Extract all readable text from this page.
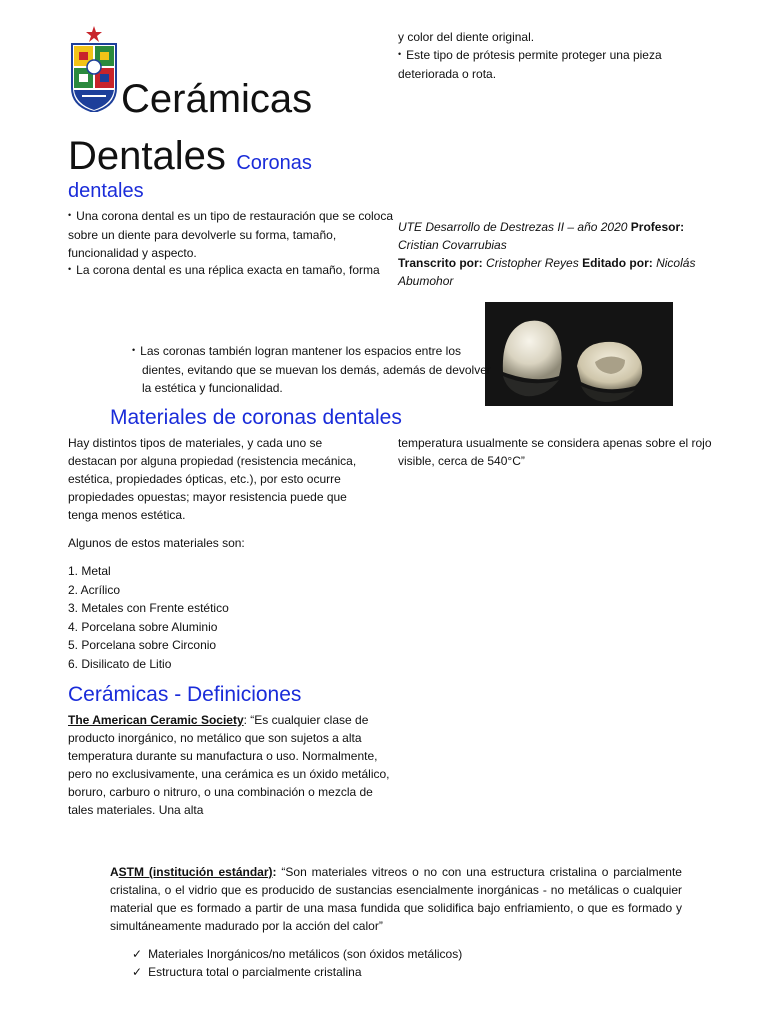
Cerámicas
Dentales Coronas
dentales
• Una corona dental es un tipo de restauración que se coloca sobre un diente para devolverle su forma, tamaño, funcionalidad y aspecto.
• La corona dental es una réplica exacta en tamaño, forma
y color del diente original.
• Este tipo de prótesis permite proteger una pieza deteriorada o rota.
UTE Desarrollo de Destrezas II – año 2020 Profesor: Cristian Covarrubias
Transcrito por: Cristopher Reyes Editado por: Nicolás Abumohor
• Las coronas también logran mantener los espacios entre los dientes, evitando que se muevan los demás, además de devolver la estética y funcionalidad.
Materiales de coronas dentales
Hay distintos tipos de materiales, y cada uno se destacan por alguna propiedad (resistencia mecánica, estética, propiedades ópticas, etc.), por esto ocurre propiedades opuestas; mayor resistencia puede que tenga menos estética.
Algunos de estos materiales son:
1. Metal
2. Acrílico
3. Metales con Frente estético
4. Porcelana sobre Aluminio
5. Porcelana sobre Circonio
6. Disilicato de Litio
temperatura usualmente se considera apenas sobre el rojo visible, cerca de 540°C”
Cerámicas - Definiciones
The American Ceramic Society: “Es cualquier clase de producto inorgánico, no metálico que son sujetos a alta temperatura durante su manufactura o uso. Normalmente, pero no exclusivamente, una cerámica es un óxido metálico, boruro, carburo o nitruro, o una combinación o mezcla de tales materiales. Una alta
ASTM (institución estándar): “Son materiales vitreos o no con una estructura cristalina o parcialmente cristalina, o el vidrio que es producido de sustancias esencialmente inorgánicas - no metálicas o cualquier material que es formado a partir de una masa fundida que solidifica bajo enfriamiento, o que es formado y simultáneamente madurado por la acción del calor”
✓ Materiales Inorgánicos/no metálicos (son óxidos metálicos)
✓ Estructura total o parcialmente cristalina
